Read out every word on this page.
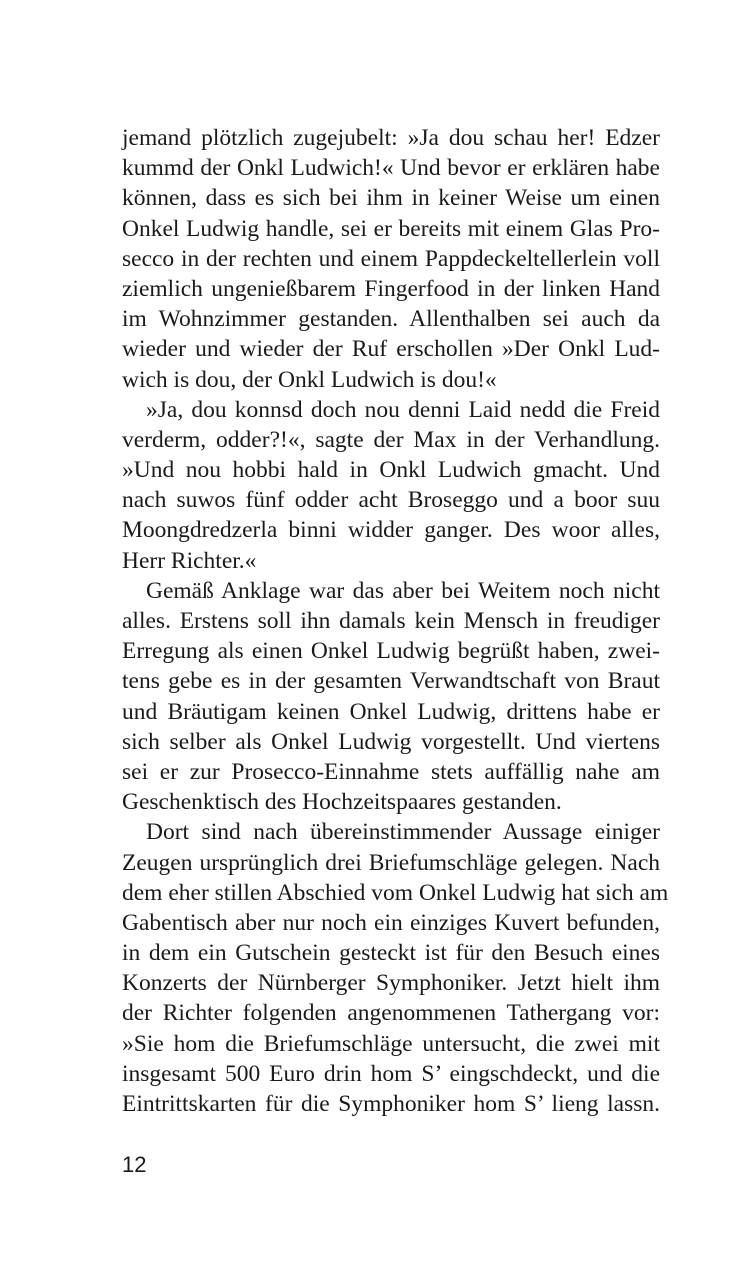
jemand plötzlich zugejubelt: »Ja dou schau her! Edzer
kummd der Onkl Ludwich!« Und bevor er erklären habe
können, dass es sich bei ihm in keiner Weise um einen
Onkel Ludwig handle, sei er bereits mit einem Glas Pro-
secco in der rechten und einem Pappdeckeltellerlein voll
ziemlich ungenießbarem Fingerfood in der linken Hand
im Wohnzimmer gestanden. Allenthalben sei auch da
wieder und wieder der Ruf erschollen »Der Onkl Lud-
wich is dou, der Onkl Ludwich is dou!«
»Ja, dou konnsd doch nou denni Laid nedd die Freid
verderm, odder?!«, sagte der Max in der Verhandlung.
»Und nou hobbi hald in Onkl Ludwich gmacht. Und
nach suwos fünf odder acht Broseggo und a boor suu
Moongdredzerla binni widder ganger. Des woor alles,
Herr Richter.«
Gemäß Anklage war das aber bei Weitem noch nicht
alles. Erstens soll ihn damals kein Mensch in freudiger
Erregung als einen Onkel Ludwig begrüßt haben, zwei-
tens gebe es in der gesamten Verwandtschaft von Braut
und Bräutigam keinen Onkel Ludwig, drittens habe er
sich selber als Onkel Ludwig vorgestellt. Und viertens
sei er zur Prosecco-Einnahme stets auffällig nahe am
Geschenktisch des Hochzeitspaares gestanden.
Dort sind nach übereinstimmender Aussage einiger
Zeugen ursprünglich drei Briefumschläge gelegen. Nach
dem eher stillen Abschied vom Onkel Ludwig hat sich am
Gabentisch aber nur noch ein einziges Kuvert befunden,
in dem ein Gutschein gesteckt ist für den Besuch eines
Konzerts der Nürnberger Symphoniker. Jetzt hielt ihm
der Richter folgenden angenommenen Tathergang vor:
»Sie hom die Briefumschläge untersucht, die zwei mit
insgesamt 500 Euro drin hom S’ eingschdeckt, und die
Eintrittskarten für die Symphoniker hom S’ lieng lassn.
12
